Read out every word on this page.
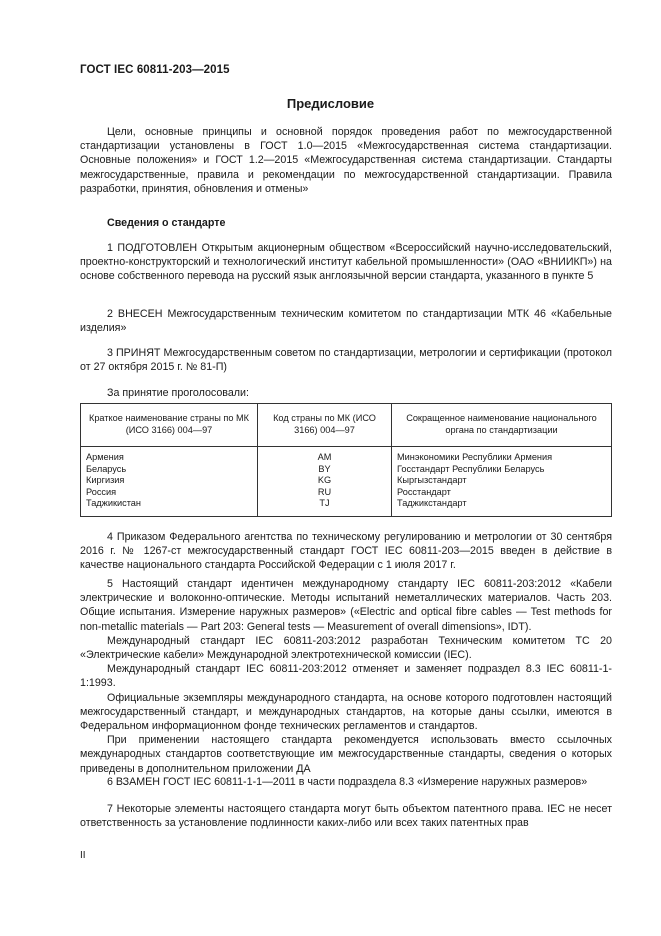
ГОСТ IEC 60811-203—2015
Предисловие

Цели, основные принципы и основной порядок проведения работ по межгосударственной стандартизации установлены в ГОСТ 1.0—2015 «Межгосударственная система стандартизации. Основные положения» и ГОСТ 1.2—2015 «Межгосударственная система стандартизации. Стандарты межгосударственные, правила и рекомендации по межгосударственной стандартизации. Правила разработки, принятия, обновления и отмены»

Сведения о стандарте

1 ПОДГОТОВЛЕН Открытым акционерным обществом «Всероссийский научно-исследовательский, проектно-конструкторский и технологический институт кабельной промышленности» (ОАО «ВНИИКП») на основе собственного перевода на русский язык англоязычной версии стандарта, указанного в пункте 5

2 ВНЕСЕН Межгосударственным техническим комитетом по стандартизации МТК 46 «Кабельные изделия»

3 ПРИНЯТ Межгосударственным советом по стандартизации, метрологии и сертификации (протокол от 27 октября 2015 г. № 81-П)

За принятие проголосовали:

Краткое наименование страны по МК (ИСО 3166) 004—97	Код страны по МК (ИСО 3166) 004—97	Сокращенное наименование национального органа по стандартизации
Армения	AM	Минэкономики Республики Армения
Беларусь	BY	Госстандарт Республики Беларусь
Киргизия	KG	Кыргызстандарт
Россия	RU	Росстандарт
Таджикистан	TJ	Таджикстандарт

4 Приказом Федерального агентства по техническому регулированию и метрологии от 30 сентября 2016 г. № 1267-ст межгосударственный стандарт ГОСТ IEC 60811-203—2015 введен в действие в качестве национального стандарта Российской Федерации с 1 июля 2017 г.

5 Настоящий стандарт идентичен международному стандарту IEC 60811-203:2012 «Кабели электрические и волоконно-оптические. Методы испытаний неметаллических материалов. Часть 203. Общие испытания. Измерение наружных размеров» («Electric and optical fibre cables — Test methods for non-metallic materials — Part 203: General tests — Measurement of overall dimensions», IDT).

Международный стандарт IEC 60811-203:2012 разработан Техническим комитетом TC 20 «Электрические кабели» Международной электротехнической комиссии (IEC).

Международный стандарт IEC 60811-203:2012 отменяет и заменяет подраздел 8.3 IEC 60811-1-1:1993.

Официальные экземпляры международного стандарта, на основе которого подготовлен настоящий межгосударственный стандарт, и международных стандартов, на которые даны ссылки, имеются в Федеральном информационном фонде технических регламентов и стандартов.

При применении настоящего стандарта рекомендуется использовать вместо ссылочных международных стандартов соответствующие им межгосударственные стандарты, сведения о которых приведены в дополнительном приложении ДА

6 ВЗАМЕН ГОСТ IEC 60811-1-1—2011 в части подраздела 8.3 «Измерение наружных размеров»

7 Некоторые элементы настоящего стандарта могут быть объектом патентного права. IEC не несет ответственность за установление подлинности каких-либо или всех таких патентных прав

II
